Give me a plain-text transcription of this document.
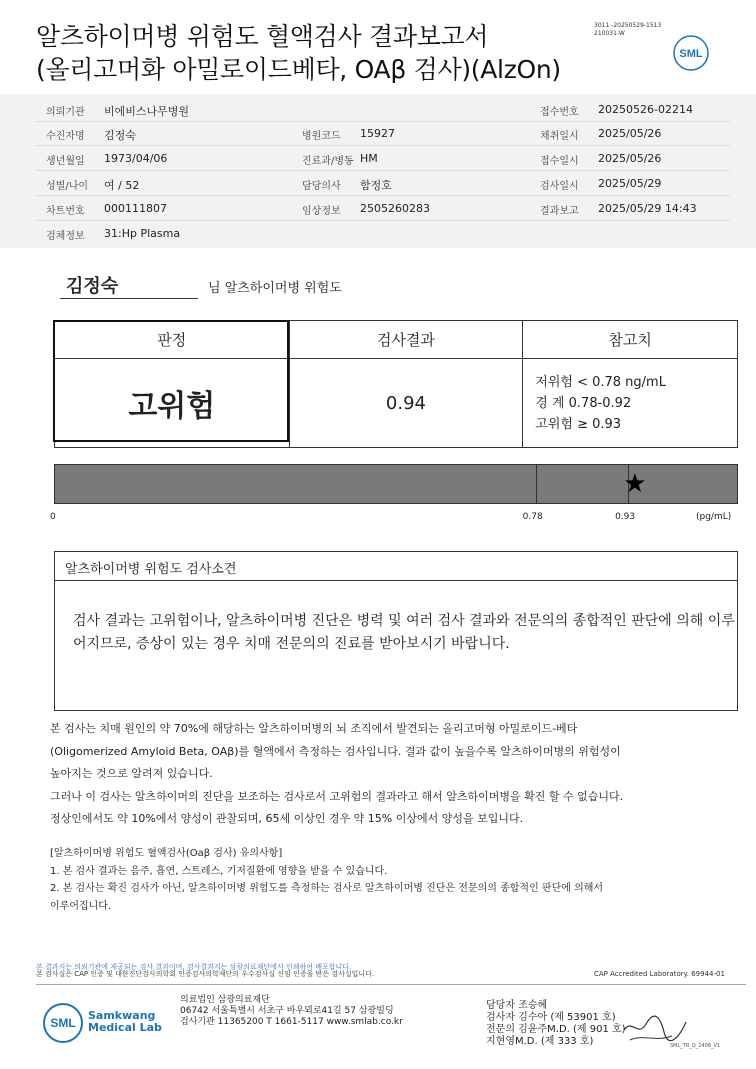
알츠하이머병 위험도 혈액검사 결과보고서
(올리고머화 아밀로이드베타, OAβ 검사)(AlzOn)
3011 -20250529-1513
210031-W
SML
의뢰기관 비에비스나무병원	접수번호 20250526-02214
수진자명 김정숙	병원코드 15927	채취일시 2025/05/26
생년월일 1973/04/06	진료과/병동 HM	접수일시 2025/05/26
성별/나이 여 / 52	담당의사 함정호	검사일시 2025/05/29
차트번호 000111807	임상정보 2505260283	결과보고 2025/05/29 14:43
검체정보 31:Hp Plasma
김정숙	님 알츠하이머병 위험도
판정	검사결과	참고치
고위험	0.94	저위험 < 0.78 ng/mL
경 계 0.78-0.92
고위험 ≥ 0.93
★
0	0.78	0.93	(pg/mL)
알츠하이머병 위험도 검사소견
검사 결과는 고위험이나, 알츠하이머병 진단은 병력 및 여러 검사 결과와 전문의의 종합적인 판단에 의해 이루어지므로, 증상이 있는 경우 치매 전문의의 진료를 받아보시기 바랍니다.
본 검사는 치매 원인의 약 70%에 해당하는 알츠하이머병의 뇌 조직에서 발견되는 올리고머형 아밀로이드-베타
(Oligomerized Amyloid Beta, OAβ)를 혈액에서 측정하는 검사입니다. 결과 값이 높을수록 알츠하이머병의 위험성이
높아지는 것으로 알려져 있습니다.
그러나 이 검사는 알츠하이머의 진단을 보조하는 검사로서 고위험의 결과라고 해서 알츠하이머병을 확진 할 수 없습니다.
정상인에서도 약 10%에서 양성이 관찰되며, 65세 이상인 경우 약 15% 이상에서 양성을 보입니다.
[알츠하이머병 위험도 혈액검사(Oaβ 검사) 유의사항]
1. 본 검사 결과는 음주, 흡연, 스트레스, 기저질환에 영향을 받을 수 있습니다.
2. 본 검사는 확진 검사가 아닌, 알츠하이머병 위험도를 측정하는 검사로 알츠하이머병 진단은 전문의의 종합적인 판단에 의해서
이루어집니다.
본 결과지는 의뢰기관에 제공되는 검사 결과이며, 검사결과지는 삼광의료재단에서 인쇄하여 배포합니다.
본 검사실은 CAP 인증 및 대한진단검사의학회 인증검사의학재단의 우수검사실 신임 인증을 받은 검사실입니다.	CAP Accredited Laboratory. 69944-01
SML
Samkwang
Medical Lab
의료법인 삼광의료재단
06742 서울특별시 서초구 바우뫼로41길 57 삼광빌딩
검사기관 11365200 T 1661-5117 www.smlab.co.kr
담당자 조승혜
검사자 김수아 (제 53901 호)
전문의 김윤주M.D. (제 901 호)
지현영M.D. (제 333 호)	SML_TR_Q_2408_V1
